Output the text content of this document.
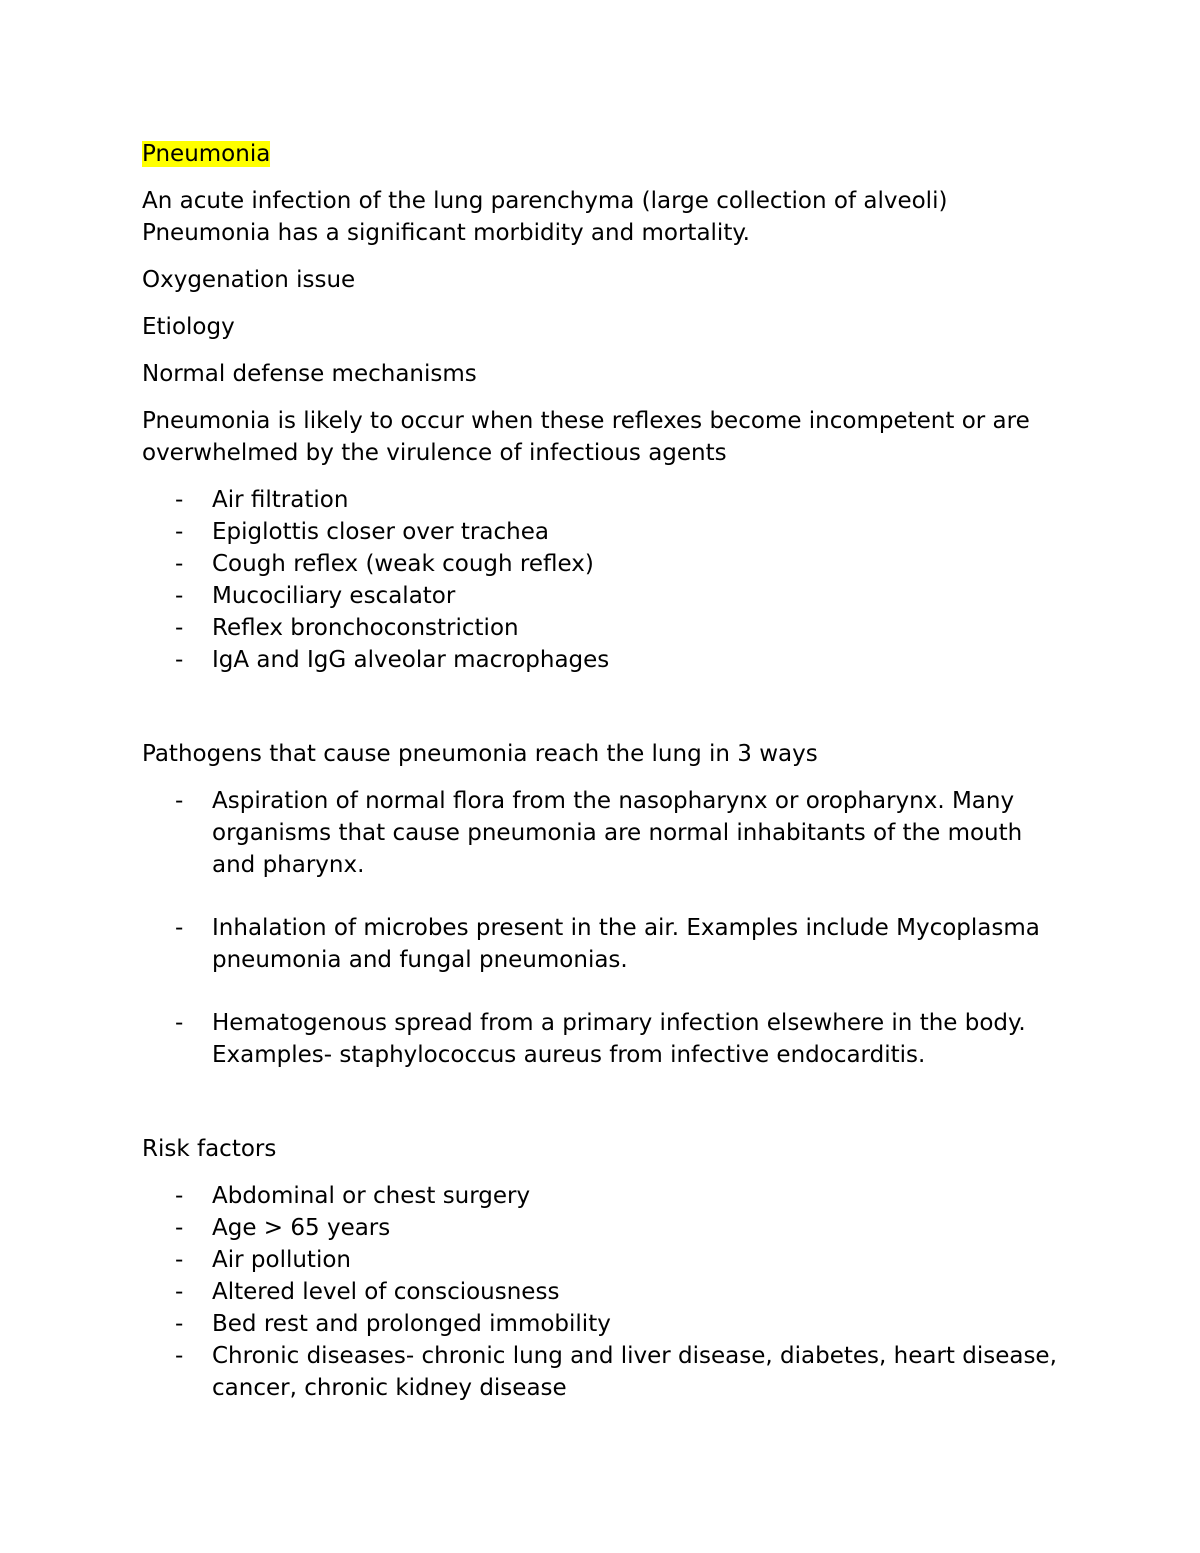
Pneumonia

An acute infection of the lung parenchyma (large collection of alveoli)
Pneumonia has a significant morbidity and mortality.

Oxygenation issue

Etiology

Normal defense mechanisms

Pneumonia is likely to occur when these reflexes become incompetent or are overwhelmed by the virulence of infectious agents

- Air filtration
- Epiglottis closer over trachea
- Cough reflex (weak cough reflex)
- Mucociliary escalator
- Reflex bronchoconstriction
- IgA and IgG alveolar macrophages

Pathogens that cause pneumonia reach the lung in 3 ways

- Aspiration of normal flora from the nasopharynx or oropharynx. Many organisms that cause pneumonia are normal inhabitants of the mouth and pharynx.
- Inhalation of microbes present in the air. Examples include Mycoplasma pneumonia and fungal pneumonias.
- Hematogenous spread from a primary infection elsewhere in the body. Examples- staphylococcus aureus from infective endocarditis.

Risk factors

- Abdominal or chest surgery
- Age > 65 years
- Air pollution
- Altered level of consciousness
- Bed rest and prolonged immobility
- Chronic diseases- chronic lung and liver disease, diabetes, heart disease, cancer, chronic kidney disease
